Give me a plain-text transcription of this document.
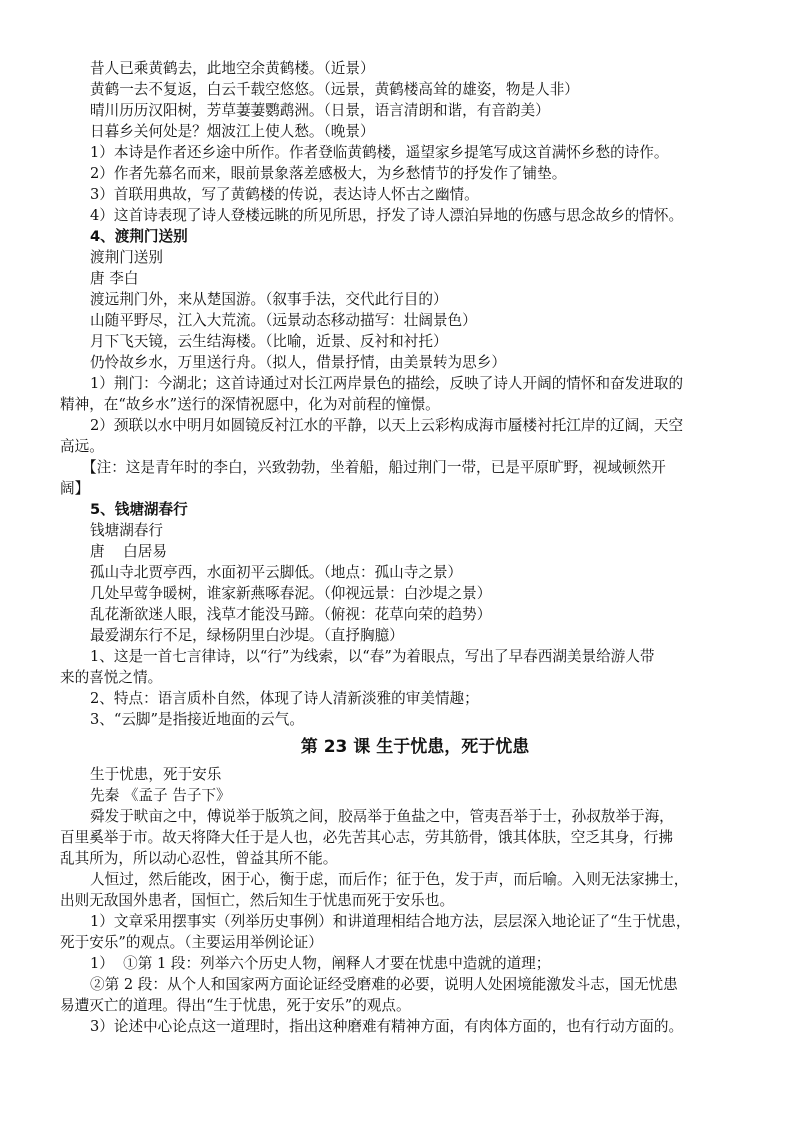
昔人已乘黄鹤去，此地空余黄鹤楼。（近景）
黄鹤一去不复返，白云千载空悠悠。（远景，黄鹤楼高耸的雄姿，物是人非）
晴川历历汉阳树，芳草萋萋鹦鹉洲。（日景，语言清朗和谐，有音韵美）
日暮乡关何处是？烟波江上使人愁。（晚景）
1）本诗是作者还乡途中所作。作者登临黄鹤楼，遥望家乡提笔写成这首满怀乡愁的诗作。
2）作者先慕名而来，眼前景象落差感极大，为乡愁情节的抒发作了铺垫。
3）首联用典故，写了黄鹤楼的传说，表达诗人怀古之幽情。
4）这首诗表现了诗人登楼远眺的所见所思，抒发了诗人漂泊异地的伤感与思念故乡的情怀。
4、渡荆门送别
渡荆门送别
唐 李白
渡远荆门外，来从楚国游。（叙事手法，交代此行目的）
山随平野尽，江入大荒流。（远景动态移动描写：壮阔景色）
月下飞天镜，云生结海楼。（比喻，近景、反衬和衬托）
仍怜故乡水，万里送行舟。（拟人，借景抒情，由美景转为思乡）
1）荆门：今湖北；这首诗通过对长江两岸景色的描绘，反映了诗人开阔的情怀和奋发进取的
精神，在“故乡水”送行的深情祝愿中，化为对前程的憧憬。
2）颈联以水中明月如圆镜反衬江水的平静，以天上云彩构成海市蜃楼衬托江岸的辽阔，天空
高远。
【注：这是青年时的李白，兴致勃勃，坐着船，船过荆门一带，已是平原旷野，视域顿然开
阔】
5、钱塘湖春行
钱塘湖春行
唐    白居易
孤山寺北贾亭西，水面初平云脚低。（地点：孤山寺之景）
几处早莺争暖树，谁家新燕啄春泥。（仰视远景：白沙堤之景）
乱花渐欲迷人眼，浅草才能没马蹄。（俯视：花草向荣的趋势）
最爱湖东行不足，绿杨阴里白沙堤。（直抒胸臆）
1、这是一首七言律诗，以“行”为线索，以“春”为着眼点，写出了早春西湖美景给游人带
来的喜悦之情。
2、特点：语言质朴自然，体现了诗人清新淡雅的审美情趣；
3、“云脚”是指接近地面的云气。
第 23 课 生于忧患，死于忧患
生于忧患，死于安乐
先秦 《孟子 告子下》
舜发于畎亩之中，傅说举于版筑之间，胶鬲举于鱼盐之中，管夷吾举于士，孙叔敖举于海，
百里奚举于市。故天将降大任于是人也，必先苦其心志，劳其筋骨，饿其体肤，空乏其身，行拂
乱其所为，所以动心忍性，曾益其所不能。
人恒过，然后能改，困于心，衡于虑，而后作；征于色，发于声，而后喻。入则无法家拂士，
出则无敌国外患者，国恒亡，然后知生于忧患而死于安乐也。
1）文章采用摆事实（列举历史事例）和讲道理相结合地方法，层层深入地论证了“生于忧患，
死于安乐”的观点。（主要运用举例论证）
1）  ①第 1 段：列举六个历史人物，阐释人才要在忧患中造就的道理；
②第 2 段：从个人和国家两方面论证经受磨难的必要，说明人处困境能激发斗志，国无忧患
易遭灭亡的道理。得出“生于忧患，死于安乐”的观点。
3）论述中心论点这一道理时，指出这种磨难有精神方面，有肉体方面的，也有行动方面的。
